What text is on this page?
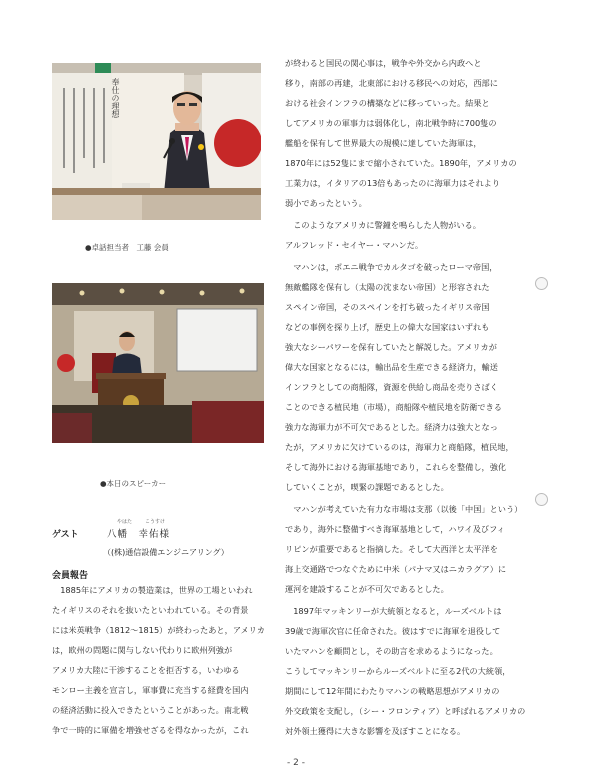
奉仕の理想
●卓話担当者　工藤 会員
●本日のスピーカー
ゲスト
やはた	こうすけ
八幡　幸佑様
（(株)通信設備エンジニアリング）
会員報告
　1885年にアメリカの製造業は，世界の工場といわれ
たイギリスのそれを抜いたといわれている。その背景
には米英戦争（1812〜1815）が終わったあと，アメリカ
は，欧州の問題に関与しない代わりに欧州列強が
アメリカ大陸に干渉することを拒否する，いわゆる
モンロー主義を宣言し，軍事費に充当する経費を国内
の経済活動に投入できたということがあった。南北戦
争で一時的に軍備を増強せざるを得なかったが，これ
が終わると国民の関心事は，戦争や外交から内政へと
移り，南部の再建，北東部における移民への対応，西部に
おける社会インフラの構築などに移っていった。結果と
してアメリカの軍事力は弱体化し，南北戦争時に700隻の
艦船を保有して世界最大の規模に達していた海軍は，
1870年には52隻にまで縮小されていた。1890年，アメリカの
工業力は，イタリアの13倍もあったのに海軍力はそれより
弱小であったという。
　このようなアメリカに警鐘を鳴らした人物がいる。
アルフレッド・セイヤー・マハンだ。
　マハンは，ポエニ戦争でカルタゴを破ったローマ帝国，
無敵艦隊を保有し（太陽の沈まない帝国）と形容された
スペイン帝国，そのスペインを打ち破ったイギリス帝国
などの事例を探り上げ，歴史上の偉大な国家はいずれも
強大なシーパワーを保有していたと解説した。アメリカが
偉大な国家となるには，輸出品を生産できる経済力，輸送
インフラとしての商船隊，資源を供給し商品を売りさばく
ことのできる植民地（市場），商船隊や植民地を防衛できる
強力な海軍力が不可欠であるとした。経済力は強大となっ
たが，アメリカに欠けているのは，海軍力と商船隊，植民地，
そして海外における海軍基地であり，これらを整備し，強化
していくことが，喫緊の課題であるとした。
　マハンが考えていた有力な市場は支那（以後「中国」という）
であり，海外に整備すべき海軍基地として，ハワイ及びフィ
リピンが重要であると指摘した。そして大西洋と太平洋を
海上交通路でつなぐために中米（パナマ又はニカラグア）に
運河を建設することが不可欠であるとした。
　1897年マッキンリーが大統領となると，ルーズベルトは
39歳で海軍次官に任命された。彼はすでに海軍を退役して
いたマハンを顧問とし，その助言を求めるようになった。
こうしてマッキンリーからルーズベルトに至る2代の大統領，
期間にして12年間にわたりマハンの戦略思想がアメリカの
外交政策を支配し，（シー・フロンティア）と呼ばれるアメリカの
対外領土獲得に大きな影響を及ぼすことになる。
- 2 -
